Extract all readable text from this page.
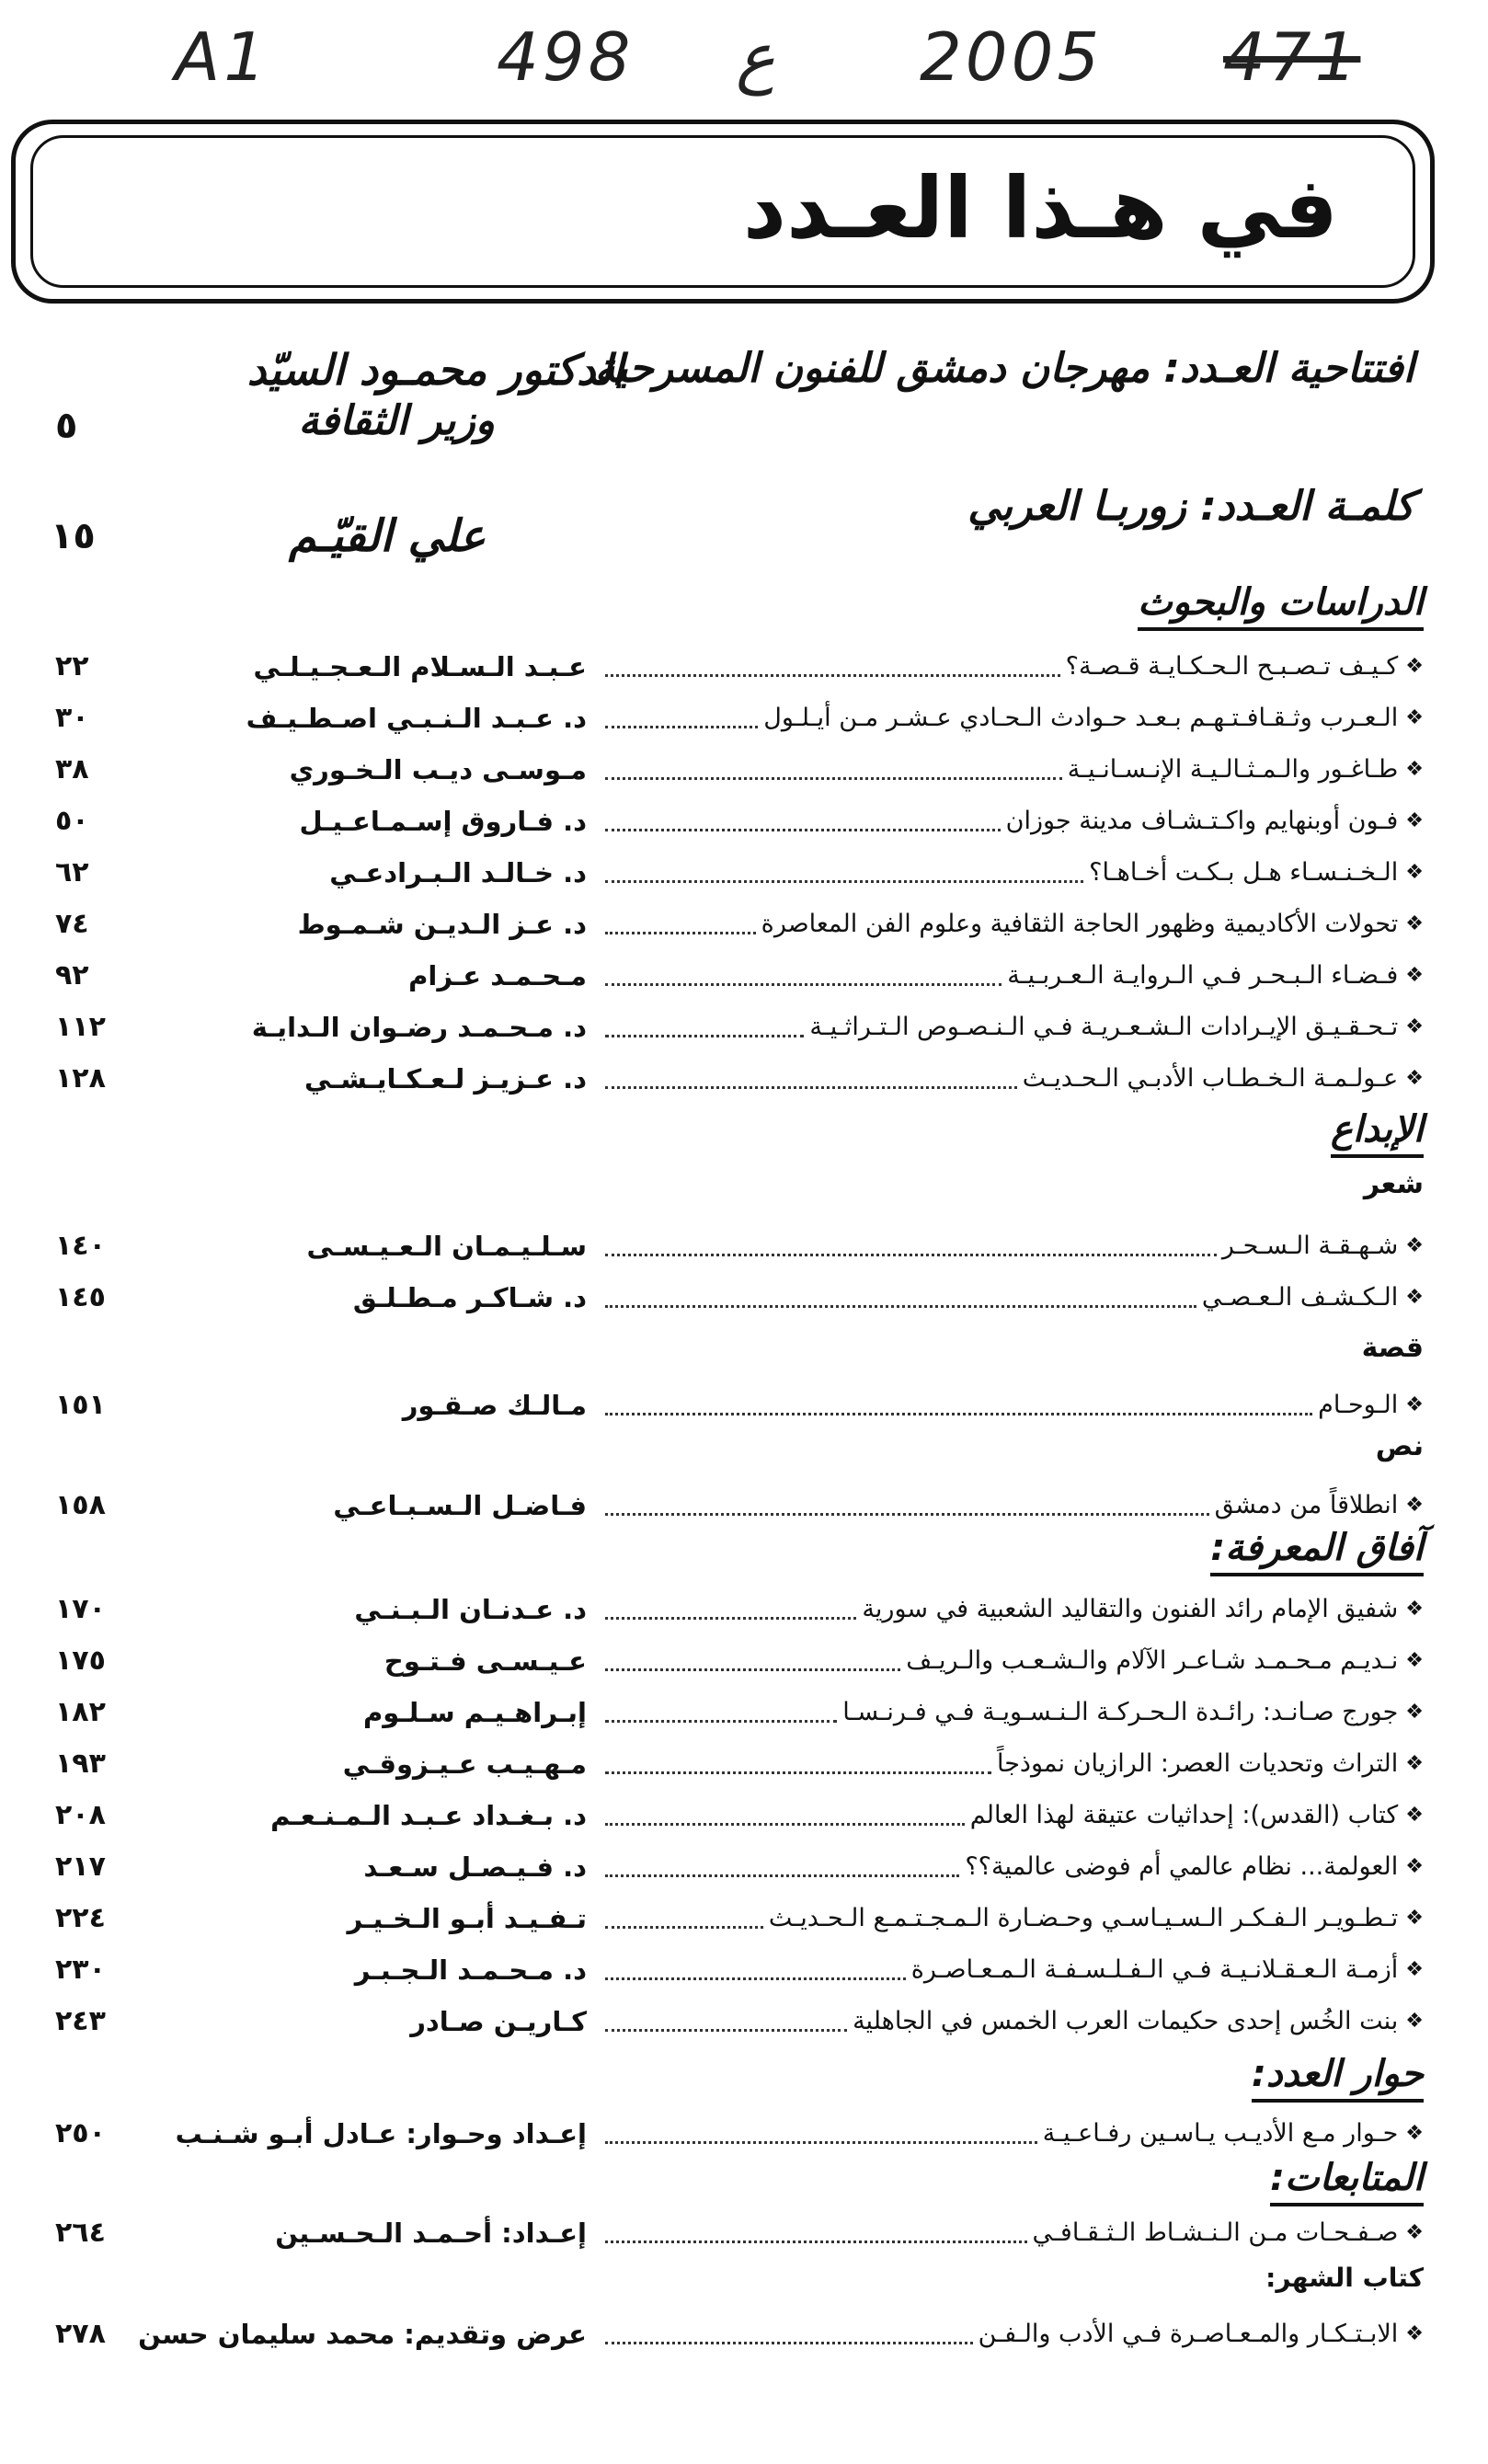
A1	498 ع 2005 471
في هـذا العـدد
افتتاحية العـدد: مهرجان دمشق للفنون المسرحية
الدكتور محمـود السيّد
وزير الثقافة
٥
كلمـة العـدد: زوربـا العربي
علي القيّـم
١٥
الدراسات والبحوث
❖
كـيـف تـصـبـح الـحـكـايـة قـصـة؟
عـبـد الـسـلام الـعـجـيـلـي
٢٢
❖
الـعـرب وثـقـافـتـهـم بـعـد حـوادث الـحـادي عـشـر مـن أيـلـول
د. عـبـد الـنـبـي اصـطـيـف
٣٠
❖
طـاغـور والـمـثـالـيـة الإنـسـانـيـة
مـوسـى ديـب الـخـوري
٣٨
❖
فـون أوبنهايم واكـتـشـاف مدينة جوزان
د. فـاروق إسـمـاعـيـل
٥٠
❖
الـخـنـسـاء هـل بـكـت أخـاهـا؟
د. خـالـد الـبـرادعـي
٦٢
❖
تحولات الأكاديمية وظهور الحاجة الثقافية وعلوم الفن المعاصرة
د. عـز الـديـن شـمـوط
٧٤
❖
فـضـاء الـبـحـر فـي الـروايـة الـعـربـيـة
مـحـمـد عـزام
٩٢
❖
تـحـقـيـق الإيـرادات الـشـعـريـة فـي الـنـصـوص الـتـراثـيـة
د. مـحـمـد رضـوان الـدايـة
١١٢
❖
عـولـمـة الـخـطـاب الأدبـي الـحـديـث
د. عـزيـز لـعـكـايـشـي
١٢٨
الإبداع
شعر
❖
شـهـقـة الـسـحـر
سـلـيـمـان الـعـيـسـى
١٤٠
❖
الـكـشـف الـعـصـي
د. شـاكـر مـطـلـق
١٤٥
قصة
❖
الـوحـام
مـالـك صـقـور
١٥١
نص
❖
انطلاقاً من دمشق
فـاضـل الـسـبـاعـي
١٥٨
آفاق المعرفة:
❖
شفيق الإمام رائد الفنون والتقاليد الشعبية في سورية
د. عـدنـان الـبـنـي
١٧٠
❖
نـديـم مـحـمـد شـاعـر الآلام والـشـعـب والـريـف
عـيـسـى فـتـوح
١٧٥
❖
جورج صـانـد: رائـدة الـحـركـة الـنـسـويـة فـي فـرنـسـا
إبـراهـيـم سـلـوم
١٨٢
❖
التراث وتحديات العصر: الرازيان نموذجاً
مـهـيـب عـيـزوقـي
١٩٣
❖
كتاب (القدس): إحداثيات عتيقة لهذا العالم
د. بـغـداد عـبـد الـمـنـعـم
٢٠٨
❖
العولمة... نظام عالمي أم فوضى عالمية؟؟
د. فـيـصـل سـعـد
٢١٧
❖
تـطـويـر الـفـكـر الـسـيـاسـي وحـضـارة الـمـجـتـمـع الـحـديـث
تـفـيـد أبـو الـخـيـر
٢٢٤
❖
أزمـة الـعـقـلانـيـة فـي الـفـلـسـفـة الـمـعـاصـرة
د. مـحـمـد الـجـبـر
٢٣٠
❖
بنت الخُس إحدى حكيمات العرب الخمس في الجاهلية
كـاريـن صـادر
٢٤٣
حوار العدد:
❖
حـوار مـع الأديـب يـاسـين رفـاعـيـة
إعـداد وحـوار: عـادل أبـو شـنـب
٢٥٠
المتابعات:
❖
صـفـحـات مـن الـنـشـاط الـثـقـافـي
إعـداد: أحـمـد الـحـسـين
٢٦٤
كتاب الشهر:
❖
الابـتـكـار والمـعـاصـرة فـي الأدب والـفـن
عرض وتقديم: محمد سليمان حسن
٢٧٨
